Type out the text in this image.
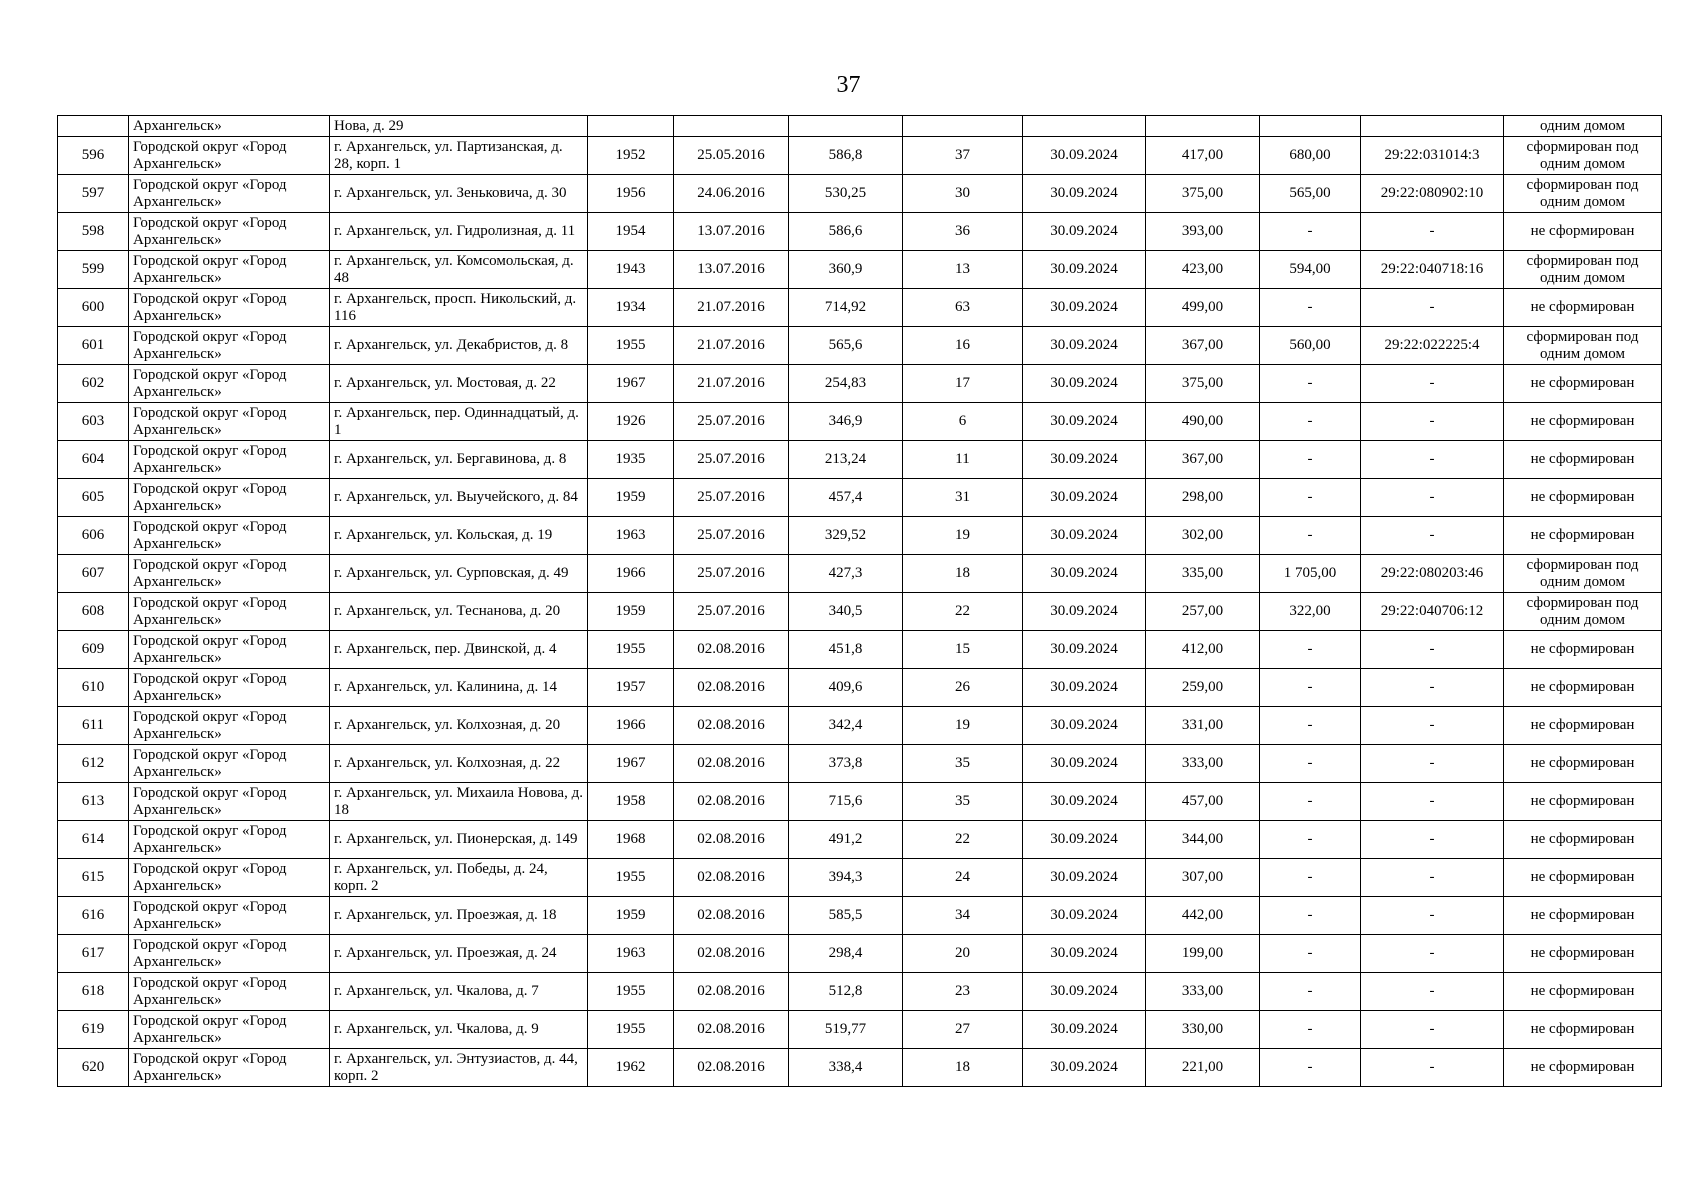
37
	Архангельск»	Нова, д. 29									одним домом
596	Городской округ «Город Архангельск»	г. Архангельск, ул. Партизанская, д. 28, корп. 1	1952	25.05.2016	586,8	37	30.09.2024	417,00	680,00	29:22:031014:3	сформирован под одним домом
597	Городской округ «Город Архангельск»	г. Архангельск, ул. Зеньковича, д. 30	1956	24.06.2016	530,25	30	30.09.2024	375,00	565,00	29:22:080902:10	сформирован под одним домом
598	Городской округ «Город Архангельск»	г. Архангельск, ул. Гидролизная, д. 11	1954	13.07.2016	586,6	36	30.09.2024	393,00	-	-	не сформирован
599	Городской округ «Город Архангельск»	г. Архангельск, ул. Комсомольская, д. 48	1943	13.07.2016	360,9	13	30.09.2024	423,00	594,00	29:22:040718:16	сформирован под одним домом
600	Городской округ «Город Архангельск»	г. Архангельск, просп. Никольский, д. 116	1934	21.07.2016	714,92	63	30.09.2024	499,00	-	-	не сформирован
601	Городской округ «Город Архангельск»	г. Архангельск, ул. Декабристов, д. 8	1955	21.07.2016	565,6	16	30.09.2024	367,00	560,00	29:22:022225:4	сформирован под одним домом
602	Городской округ «Город Архангельск»	г. Архангельск, ул. Мостовая, д. 22	1967	21.07.2016	254,83	17	30.09.2024	375,00	-	-	не сформирован
603	Городской округ «Город Архангельск»	г. Архангельск, пер. Одиннадцатый, д. 1	1926	25.07.2016	346,9	6	30.09.2024	490,00	-	-	не сформирован
604	Городской округ «Город Архангельск»	г. Архангельск, ул. Бергавинова, д. 8	1935	25.07.2016	213,24	11	30.09.2024	367,00	-	-	не сформирован
605	Городской округ «Город Архангельск»	г. Архангельск, ул. Выучейского, д. 84	1959	25.07.2016	457,4	31	30.09.2024	298,00	-	-	не сформирован
606	Городской округ «Город Архангельск»	г. Архангельск, ул. Кольская, д. 19	1963	25.07.2016	329,52	19	30.09.2024	302,00	-	-	не сформирован
607	Городской округ «Город Архангельск»	г. Архангельск, ул. Сурповская, д. 49	1966	25.07.2016	427,3	18	30.09.2024	335,00	1 705,00	29:22:080203:46	сформирован под одним домом
608	Городской округ «Город Архангельск»	г. Архангельск, ул. Теснанова, д. 20	1959	25.07.2016	340,5	22	30.09.2024	257,00	322,00	29:22:040706:12	сформирован под одним домом
609	Городской округ «Город Архангельск»	г. Архангельск, пер. Двинской, д. 4	1955	02.08.2016	451,8	15	30.09.2024	412,00	-	-	не сформирован
610	Городской округ «Город Архангельск»	г. Архангельск, ул. Калинина, д. 14	1957	02.08.2016	409,6	26	30.09.2024	259,00	-	-	не сформирован
611	Городской округ «Город Архангельск»	г. Архангельск, ул. Колхозная, д. 20	1966	02.08.2016	342,4	19	30.09.2024	331,00	-	-	не сформирован
612	Городской округ «Город Архангельск»	г. Архангельск, ул. Колхозная, д. 22	1967	02.08.2016	373,8	35	30.09.2024	333,00	-	-	не сформирован
613	Городской округ «Город Архангельск»	г. Архангельск, ул. Михаила Новова, д. 18	1958	02.08.2016	715,6	35	30.09.2024	457,00	-	-	не сформирован
614	Городской округ «Город Архангельск»	г. Архангельск, ул. Пионерская, д. 149	1968	02.08.2016	491,2	22	30.09.2024	344,00	-	-	не сформирован
615	Городской округ «Город Архангельск»	г. Архангельск, ул. Победы, д. 24, корп. 2	1955	02.08.2016	394,3	24	30.09.2024	307,00	-	-	не сформирован
616	Городской округ «Город Архангельск»	г. Архангельск, ул. Проезжая, д. 18	1959	02.08.2016	585,5	34	30.09.2024	442,00	-	-	не сформирован
617	Городской округ «Город Архангельск»	г. Архангельск, ул. Проезжая, д. 24	1963	02.08.2016	298,4	20	30.09.2024	199,00	-	-	не сформирован
618	Городской округ «Город Архангельск»	г. Архангельск, ул. Чкалова, д. 7	1955	02.08.2016	512,8	23	30.09.2024	333,00	-	-	не сформирован
619	Городской округ «Город Архангельск»	г. Архангельск, ул. Чкалова, д. 9	1955	02.08.2016	519,77	27	30.09.2024	330,00	-	-	не сформирован
620	Городской округ «Город Архангельск»	г. Архангельск, ул. Энтузиастов, д. 44, корп. 2	1962	02.08.2016	338,4	18	30.09.2024	221,00	-	-	не сформирован
